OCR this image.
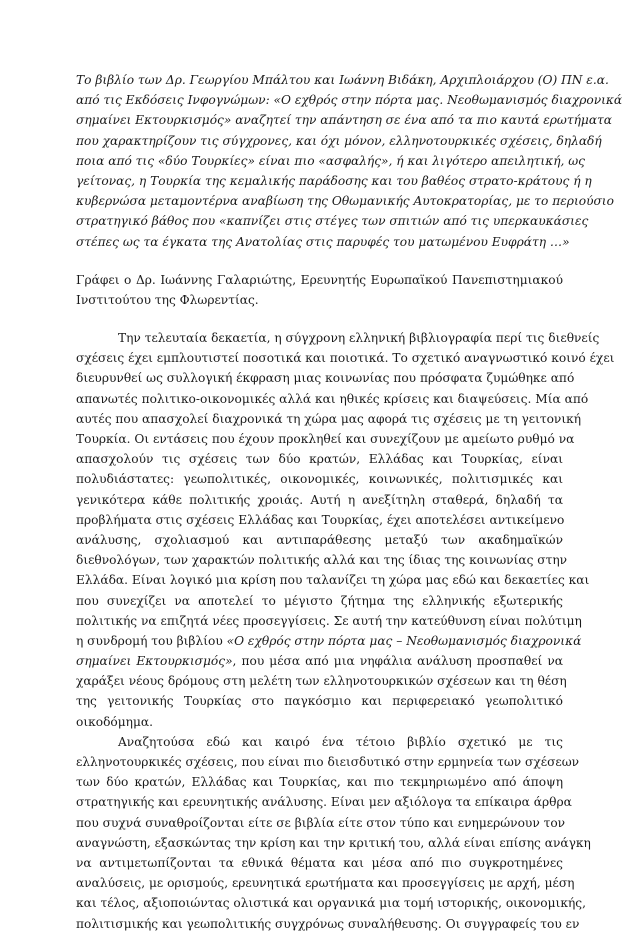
Το βιβλίο των Δρ. Γεωργίου Μπάλτου και Ιωάννη Βιδάκη, Αρχιπλοιάρχου (Ο) ΠΝ ε.α.
από τις Εκδόσεις Ινφογνώμων: «Ο εχθρός στην πόρτα μας. Νεοθωμανισμός διαχρονικά
σημαίνει Εκτουρκισμός» αναζητεί την απάντηση σε ένα από τα πιο καυτά ερωτήματα
που χαρακτηρίζουν τις σύγχρονες, και όχι μόνον, ελληνοτουρκικές σχέσεις, δηλαδή
ποια από τις «δύο Τουρκίες» είναι πιο «ασφαλής», ή και λιγότερο απειλητική, ως
γείτονας, η Τουρκία της κεμαλικής παράδοσης και του βαθέος στρατο-κράτους ή η
κυβερνώσα μεταμοντέρνα αναβίωση της Οθωμανικής Αυτοκρατορίας, με το περιούσιο
στρατηγικό βάθος που «καπνίζει στις στέγες των σπιτιών από τις υπερκαυκάσιες
στέπες ως τα έγκατα της Ανατολίας στις παρυφές του ματωμένου Ευφράτη …»
Γράφει ο Δρ. Ιωάννης Γαλαριώτης, Ερευνητής Ευρωπαϊκού Πανεπιστημιακού
Ινστιτούτου της Φλωρεντίας.
Την τελευταία δεκαετία, η σύγχρονη ελληνική βιβλιογραφία περί τις διεθνείς
σχέσεις έχει εμπλουτιστεί ποσοτικά και ποιοτικά. Το σχετικό αναγνωστικό κοινό έχει
διευρυνθεί ως συλλογική έκφραση μιας κοινωνίας που πρόσφατα ζυμώθηκε από
απανωτές πολιτικο-οικονομικές αλλά και ηθικές κρίσεις και διαψεύσεις. Μία από
αυτές που απασχολεί διαχρονικά τη χώρα μας αφορά τις σχέσεις με τη γειτονική
Τουρκία. Οι εντάσεις που έχουν προκληθεί και συνεχίζουν με αμείωτο ρυθμό να
απασχολούν τις σχέσεις των δύο κρατών, Ελλάδας και Τουρκίας, είναι
πολυδιάστατες: γεωπολιτικές, οικονομικές, κοινωνικές, πολιτισμικές και
γενικότερα κάθε πολιτικής χροιάς. Αυτή η ανεξίτηλη σταθερά, δηλαδή τα
προβλήματα στις σχέσεις Ελλάδας και Τουρκίας, έχει αποτελέσει αντικείμενο
ανάλυσης, σχολιασμού και αντιπαράθεσης μεταξύ των ακαδημαϊκών
διεθνολόγων, των χαρακτών πολιτικής αλλά και της ίδιας της κοινωνίας στην
Ελλάδα. Είναι λογικό μια κρίση που ταλανίζει τη χώρα μας εδώ και δεκαετίες και
που συνεχίζει να αποτελεί το μέγιστο ζήτημα της ελληνικής εξωτερικής
πολιτικής να επιζητά νέες προσεγγίσεις. Σε αυτή την κατεύθυνση είναι πολύτιμη
η συνδρομή του βιβλίου «Ο εχθρός στην πόρτα μας – Νεοθωμανισμός διαχρονικά
σημαίνει Εκτουρκισμός», που μέσα από μια νηφάλια ανάλυση προσπαθεί να
χαράξει νέους δρόμους στη μελέτη των ελληνοτουρκικών σχέσεων και τη θέση
της γειτονικής Τουρκίας στο παγκόσμιο και περιφερειακό γεωπολιτικό
οικοδόμημα.
Αναζητούσα εδώ και καιρό ένα τέτοιο βιβλίο σχετικό με τις
ελληνοτουρκικές σχέσεις, που είναι πιο διεισδυτικό στην ερμηνεία των σχέσεων
των δύο κρατών, Ελλάδας και Τουρκίας, και πιο τεκμηριωμένο από άποψη
στρατηγικής και ερευνητικής ανάλυσης. Είναι μεν αξιόλογα τα επίκαιρα άρθρα
που συχνά συναθροίζονται είτε σε βιβλία είτε στον τύπο και ενημερώνουν τον
αναγνώστη, εξασκώντας την κρίση και την κριτική του, αλλά είναι επίσης ανάγκη
να αντιμετωπίζονται τα εθνικά θέματα και μέσα από πιο συγκροτημένες
αναλύσεις, με ορισμούς, ερευνητικά ερωτήματα και προσεγγίσεις με αρχή, μέση
και τέλος, αξιοποιώντας ολιστικά και οργανικά μια τομή ιστορικής, οικονομικής,
πολιτισμικής και γεωπολιτικής συγχρόνως συναλήθευσης. Οι συγγραφείς του εν
